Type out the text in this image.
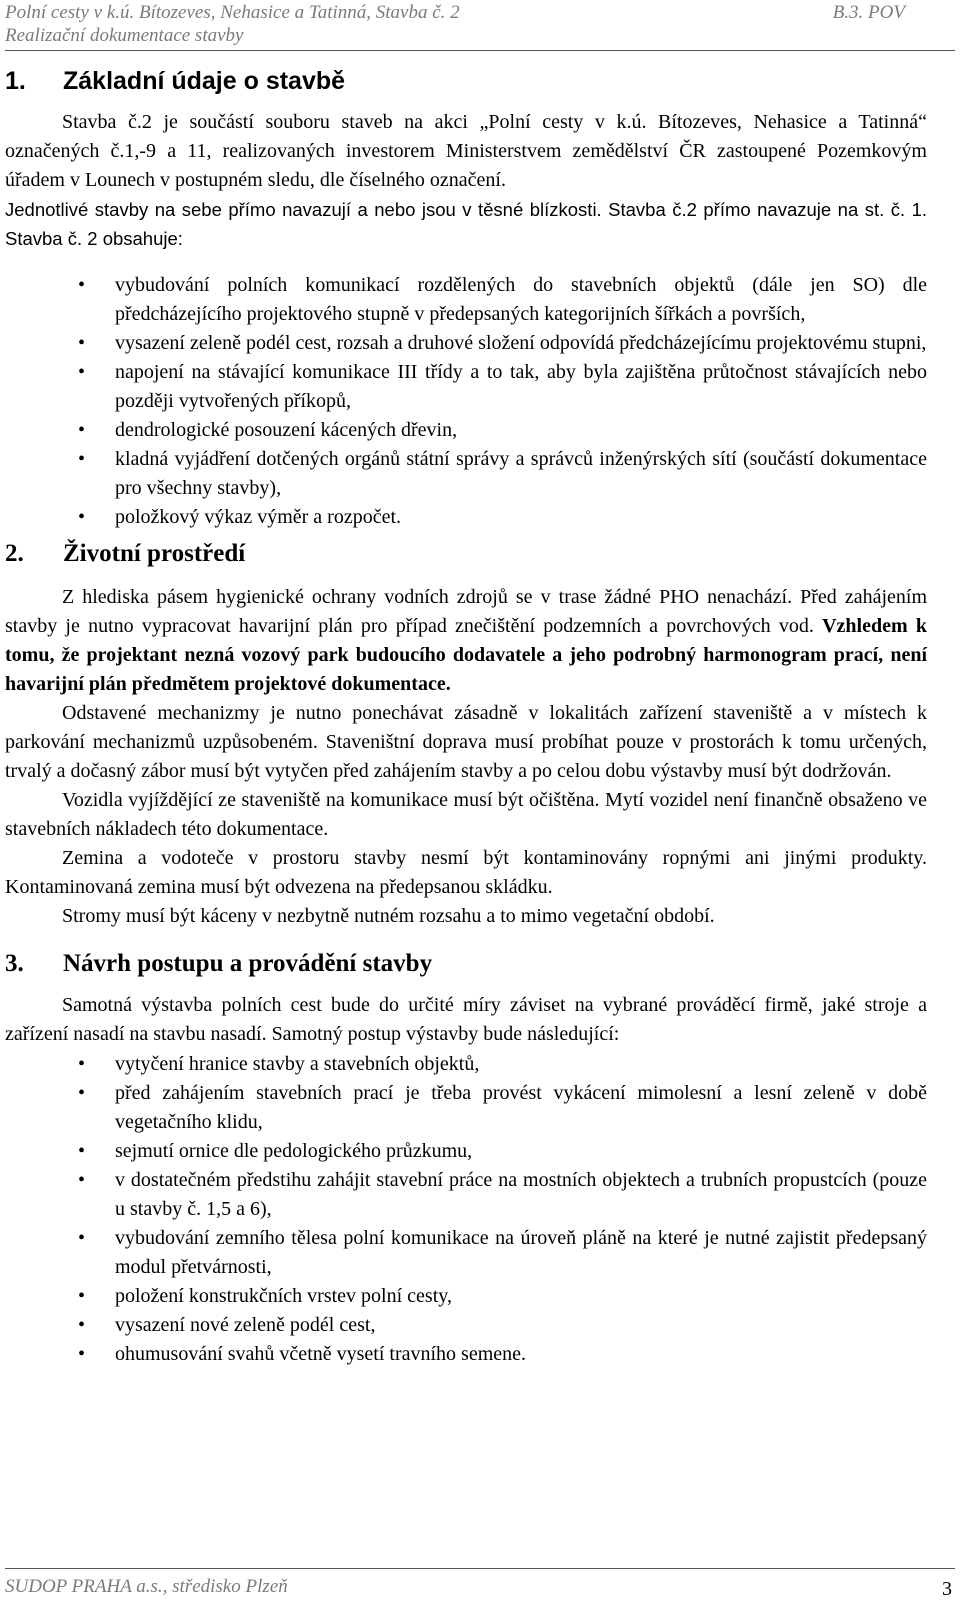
Polní cesty v k.ú. Bítozeves, Nehasice a Tatinná, Stavba č. 2
Realizační dokumentace stavby
B.3. POV
1.	Základní údaje o stavbě

Stavba č.2 je součástí souboru staveb na akci „Polní cesty v k.ú. Bítozeves, Nehasice a Tatinná“ označených č.1,-9 a 11, realizovaných investorem Ministerstvem zemědělství ČR zastoupené Pozemkovým úřadem v Lounech v postupném sledu, dle číselného označení.

Jednotlivé stavby na sebe přímo navazují a nebo jsou v těsné blízkosti. Stavba č.2 přímo navazuje na st. č. 1. Stavba č. 2 obsahuje:

• vybudování polních komunikací rozdělených do stavebních objektů (dále jen SO) dle předcházejícího projektového stupně v předepsaných kategorijních šířkách a površích,
• vysazení zeleně podél cest, rozsah a druhové složení odpovídá předcházejícímu projektovému stupni,
• napojení na stávající komunikace III třídy a to tak, aby byla zajištěna průtočnost stávajících nebo později vytvořených příkopů,
• dendrologické posouzení kácených dřevin,
• kladná vyjádření dotčených orgánů státní správy a správců inženýrských sítí (součástí dokumentace pro všechny stavby),
• položkový výkaz výměr a rozpočet.
2.	Životní prostředí

Z hlediska pásem hygienické ochrany vodních zdrojů se v trase žádné PHO nenachází. Před zahájením stavby je nutno vypracovat havarijní plán pro případ znečištění podzemních a povrchových vod. Vzhledem k tomu, že projektant nezná vozový park budoucího dodavatele a jeho podrobný harmonogram prací, není havarijní plán předmětem projektové dokumentace.

Odstavené mechanizmy je nutno ponechávat zásadně v lokalitách zařízení staveniště a v místech k parkování mechanizmů uzpůsobeném. Staveništní doprava musí probíhat pouze v prostorách k tomu určených, trvalý a dočasný zábor musí být vytyčen před zahájením stavby a po celou dobu výstavby musí být dodržován.

Vozidla vyjíždějící ze staveniště na komunikace musí být očištěna. Mytí vozidel není finančně obsaženo ve stavebních nákladech této dokumentace.

Zemina a vodoteče v prostoru stavby nesmí být kontaminovány ropnými ani jinými produkty. Kontaminovaná zemina musí být odvezena na předepsanou skládku.

Stromy musí být káceny v nezbytně nutném rozsahu a to mimo vegetační období.

3.	Návrh postupu a provádění stavby

Samotná výstavba polních cest bude do určité míry záviset na vybrané prováděcí firmě, jaké stroje a zařízení nasadí na stavbu nasadí. Samotný postup výstavby bude následující:

• vytyčení hranice stavby a stavebních objektů,
• před zahájením stavebních prací je třeba provést vykácení mimolesní a lesní zeleně v době vegetačního klidu,
• sejmutí ornice dle pedologického průzkumu,
• v dostatečném předstihu zahájit stavební práce na mostních objektech a trubních propustcích (pouze u stavby č. 1,5 a 6),
• vybudování zemního tělesa polní komunikace na úroveň pláně na které je nutné zajistit předepsaný modul přetvárnosti,
• položení konstrukčních vrstev polní cesty,
• vysazení nové zeleně podél cest,
• ohumusování svahů včetně vysetí travního semene.
SUDOP PRAHA a.s., středisko Plzeň	3
